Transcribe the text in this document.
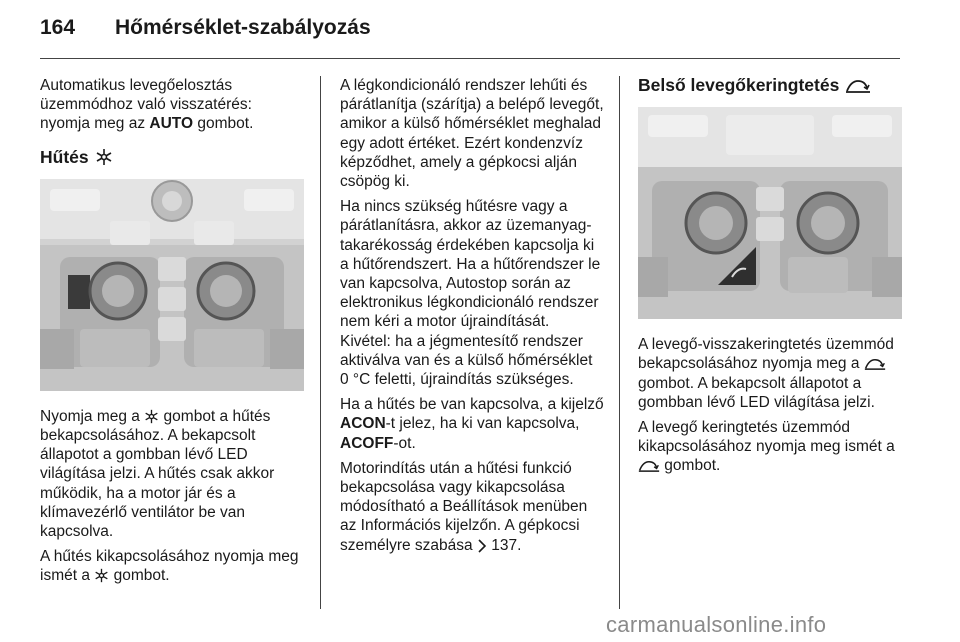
164	Hőmérséklet-szabályozás

Automatikus levegőelosztás üzemmódhoz való visszatérés: nyomja meg az AUTO gombot.

Hűtés

Nyomja meg a  gombot a hűtés bekapcsolásához. A bekapcsolt állapotot a gombban lévő LED világítása jelzi. A hűtés csak akkor működik, ha a motor jár és a klímavezérlő ventilátor be van kapcsolva.

A hűtés kikapcsolásához nyomja meg ismét a  gombot.

A légkondicionáló rendszer lehűti és párátlanítja (szárítja) a belépő levegőt, amikor a külső hőmérséklet meghalad egy adott értéket. Ezért kondenzvíz képződhet, amely a gépkocsi alján csöpög ki.

Ha nincs szükség hűtésre vagy a párátlanításra, akkor az üzemanyag-takarékosság érdekében kapcsolja ki a hűtőrendszert. Ha a hűtőrendszer le van kapcsolva, Autostop során az elektronikus légkondicionáló rendszer nem kéri a motor újraindítását. Kivétel: ha a jégmentesítő rendszer aktiválva van és a külső hőmérséklet 0 °C feletti, újraindítás szükséges.

Ha a hűtés be van kapcsolva, a kijelző ACON-t jelez, ha ki van kapcsolva, ACOFF-ot.

Motorindítás után a hűtési funkció bekapcsolása vagy kikapcsolása módosítható a Beállítások menüben az Információs kijelzőn. A gépkocsi személyre szabása  137.

Belső levegőkeringtetés

A levegő-visszakeringtetés üzemmód bekapcsolásához nyomja meg a  gombot. A bekapcsolt állapotot a gombban lévő LED világítása jelzi.

A levegő keringtetés üzemmód kikapcsolásához nyomja meg ismét a  gombot.

carmanualsonline.info
